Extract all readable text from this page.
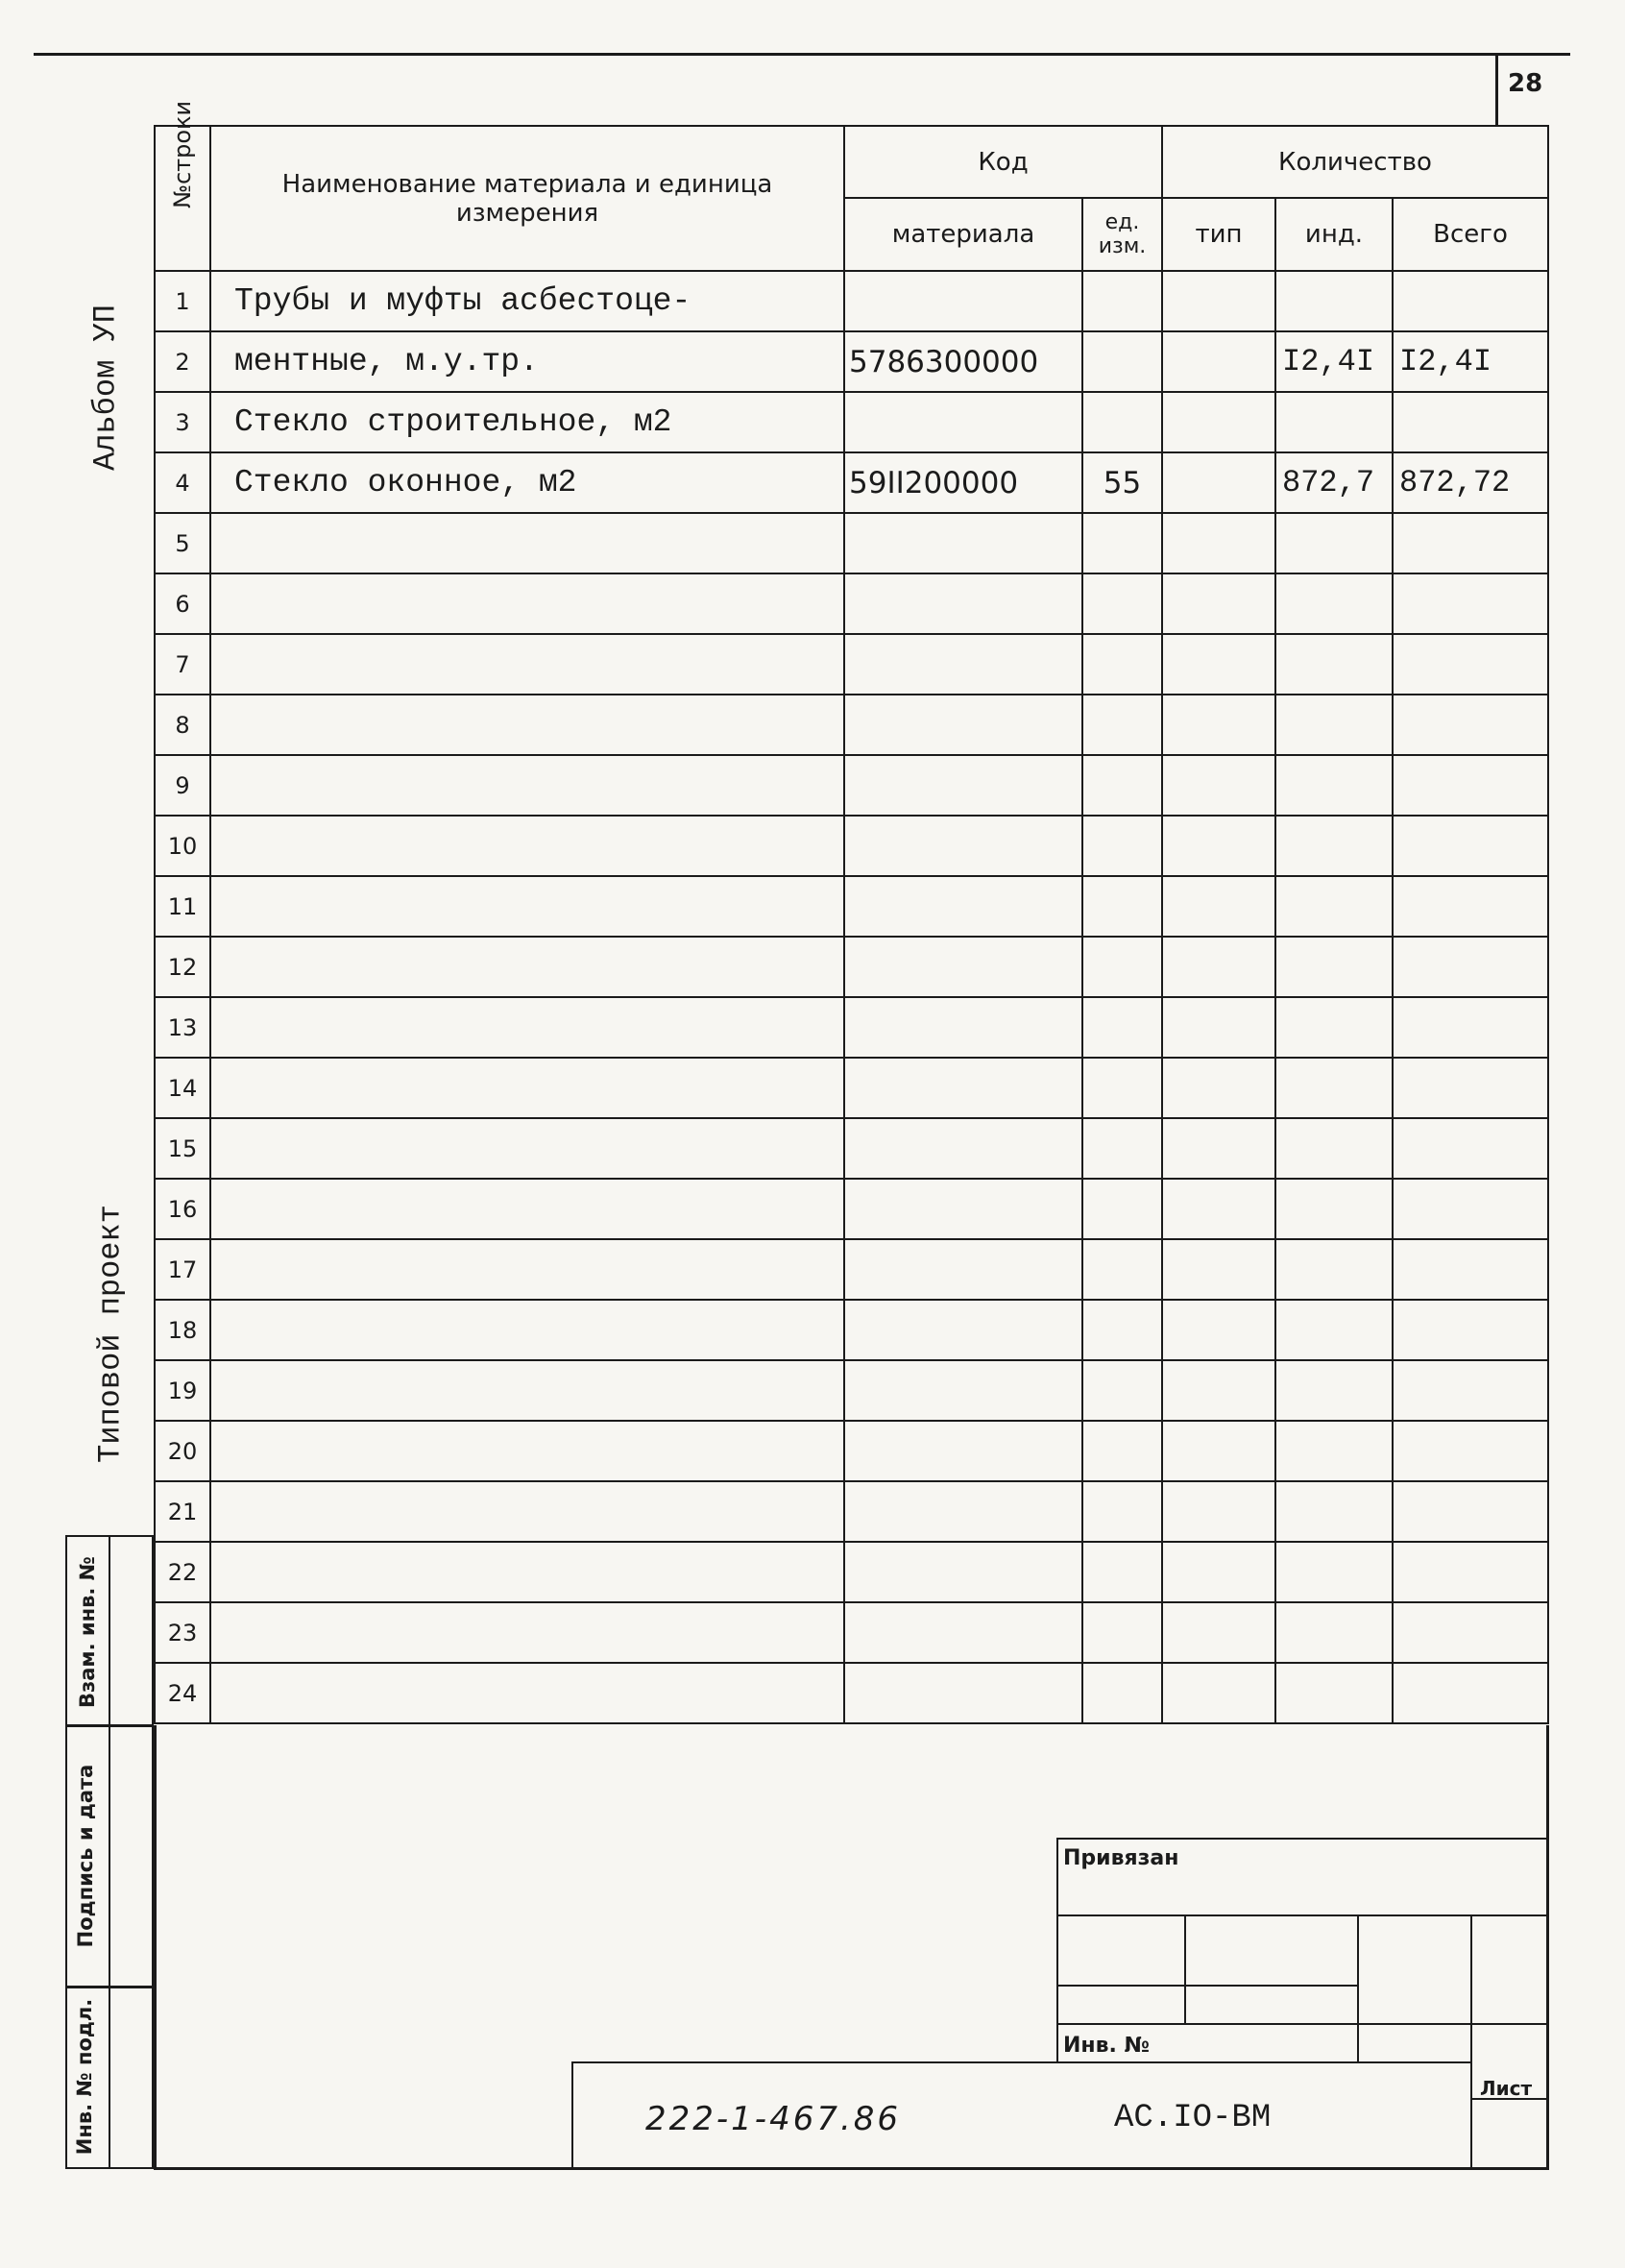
28
Альбом УП
Типовой проект
№строки	Наименование материала и единица измерения	Код		Количество		
		материала	ед. изм.	тип	инд.	Всего
1	Трубы и муфты асбестоце-					
2	ментные, м.у.тр.	5786300000			I2,4I	I2,4I
3	Стекло строительное, м2					
4	Стекло оконное, м2	59II200000	55		872,7	872,72
5						
6						
7						
8						
9						
10						
11						
12						
13						
14						
15						
16						
17						
18						
19						
20						
21						
22						
23						
24						
Взам. инв. №
Подпись и дата
Инв. № подл.
Привязан
Инв. №
Лист
222-1-467.86	АС.IO-BM
